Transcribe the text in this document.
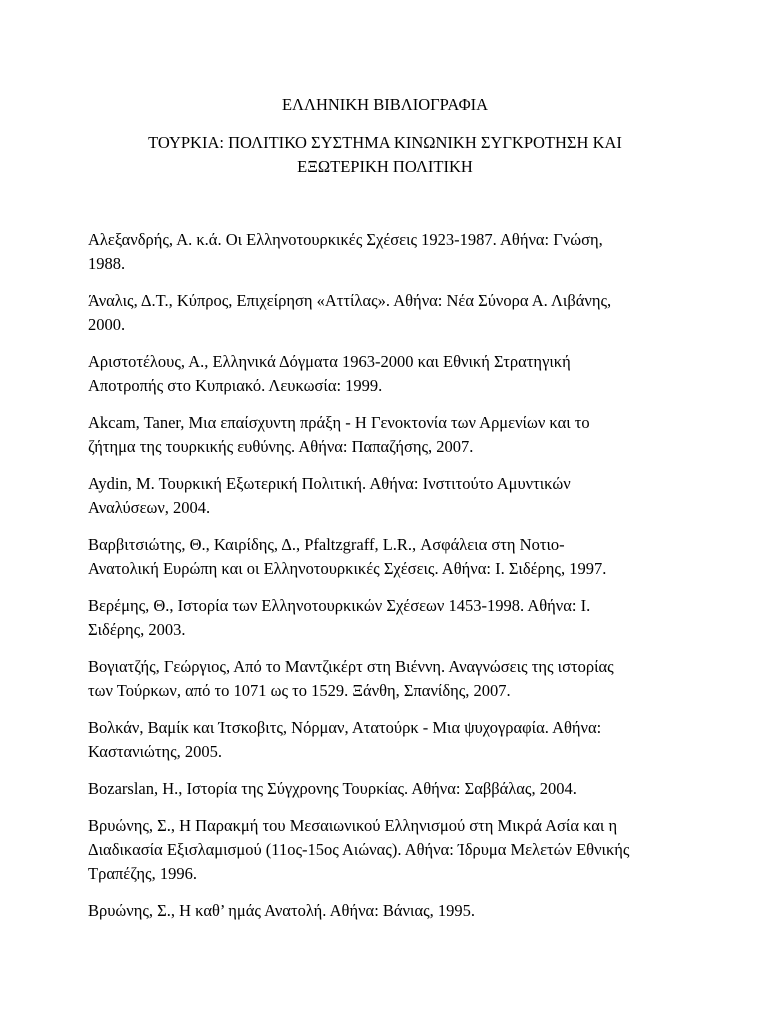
ΕΛΛΗΝΙΚΗ ΒΙΒΛΙΟΓΡΑΦΙΑ
ΤΟΥΡΚΙΑ: ΠΟΛΙΤΙΚΟ ΣΥΣΤΗΜΑ ΚΙΝΩΝΙΚΗ ΣΥΓΚΡΟΤΗΣΗ ΚΑΙ
ΕΞΩΤΕΡΙΚΗ ΠΟΛΙΤΙΚΗ

Αλεξανδρής, Α. κ.ά. Οι Ελληνοτουρκικές Σχέσεις 1923-1987. Αθήνα: Γνώση,
1988.

Άναλις, Δ.Τ., Κύπρος, Επιχείρηση «Αττίλας». Αθήνα: Νέα Σύνορα Α. Λιβάνης,
2000.

Αριστοτέλους, Α., Ελληνικά Δόγματα 1963-2000 και Εθνική Στρατηγική
Αποτροπής στο Κυπριακό. Λευκωσία: 1999.

Akcam, Taner, Μια επαίσχυντη πράξη - Η Γενοκτονία των Αρμενίων και το
ζήτημα της τουρκικής ευθύνης. Αθήνα: Παπαζήσης, 2007.

Aydin, Μ. Τουρκική Εξωτερική Πολιτική. Αθήνα: Ινστιτούτο Αμυντικών
Αναλύσεων, 2004.

Βαρβιτσιώτης, Θ., Καιρίδης, Δ., Pfaltzgraff, L.R., Ασφάλεια στη Νοτιο-
Ανατολική Ευρώπη και οι Ελληνοτουρκικές Σχέσεις. Αθήνα: Ι. Σιδέρης, 1997.

Βερέμης, Θ., Ιστορία των Ελληνοτουρκικών Σχέσεων 1453-1998. Αθήνα: Ι.
Σιδέρης, 2003.

Βογιατζής, Γεώργιος, Από το Μαντζικέρτ στη Βιέννη. Αναγνώσεις της ιστορίας
των Τούρκων, από το 1071 ως το 1529. Ξάνθη, Σπανίδης, 2007.

Βολκάν, Βαμίκ και Ίτσκοβιτς, Νόρμαν, Ατατούρκ - Μια ψυχογραφία. Αθήνα:
Καστανιώτης, 2005.

Bozarslan, H., Ιστορία της Σύγχρονης Τουρκίας. Αθήνα: Σαββάλας, 2004.

Βρυώνης, Σ., Η Παρακμή του Μεσαιωνικού Ελληνισμού στη Μικρά Ασία και η
Διαδικασία Εξισλαμισμού (11ος-15ος Αιώνας). Αθήνα: Ίδρυμα Μελετών Εθνικής
Τραπέζης, 1996.

Βρυώνης, Σ., Η καθ’ ημάς Ανατολή. Αθήνα: Βάνιας, 1995.
